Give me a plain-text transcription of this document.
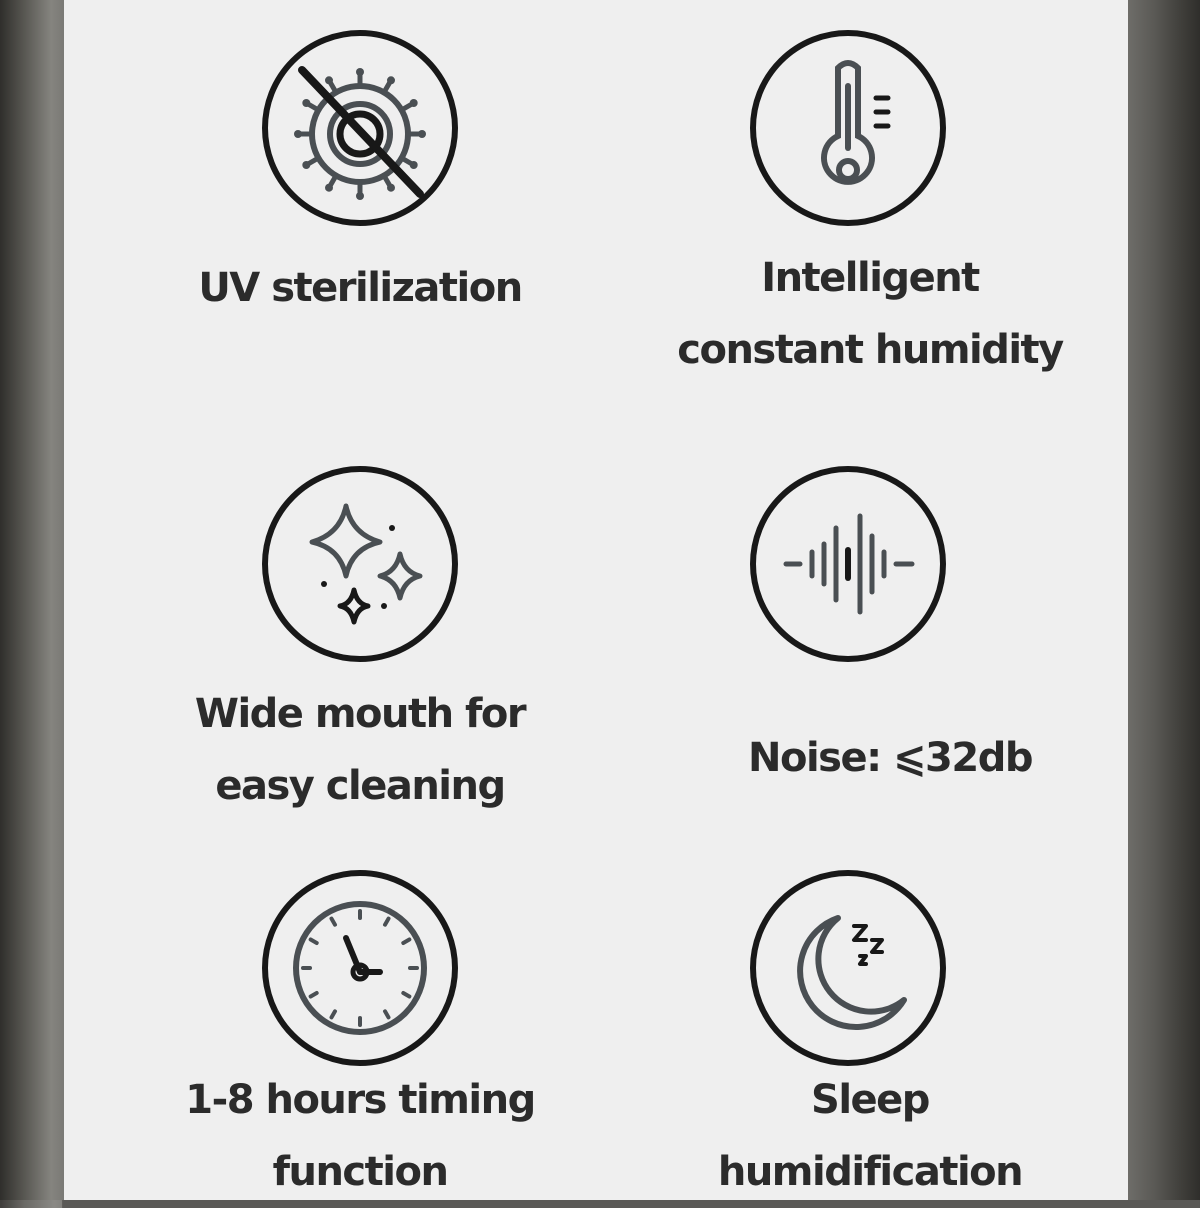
UV sterilization	Intelligent
constant humidity
Wide mouth for
easy cleaning
Noise: ⩽32db
1-8 hours timing
function
Sleep
humidification
